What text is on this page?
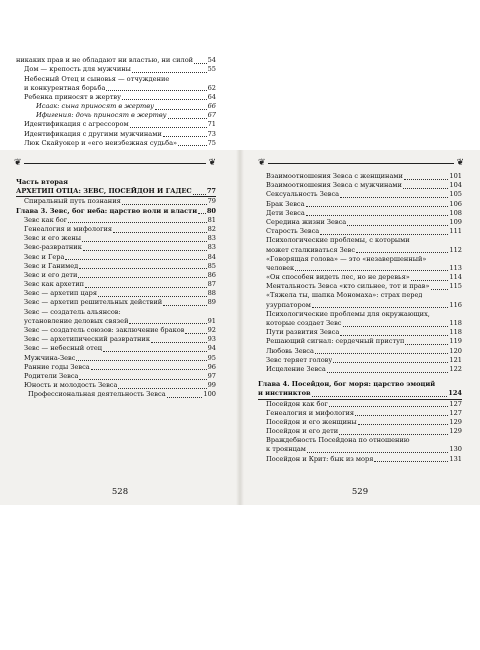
никаких прав и не обладают ни властью, ни силой 54
Дом — крепость для мужчины	55
Небесный Отец и сыновья — отчуждение
и конкурентная борьба	62
Ребенка приносят в жертву	64
Исаак: сына приносят в жертву	66
Ифигения: дочь приносят в жертву	67
Идентификация с агрессором	71
Идентификация с другими мужчинами	73
Люк Скайуокер и «его неизбежная судьба»	75
❦	❦
Часть вторая
АРХЕТИП ОТЦА: ЗЕВС, ПОСЕЙДОН И ГАДЕС 77
Спиральный путь познания	79
Глава 3. Зевс, бог неба: царство воли и власти 80
Зевс как бог	81
Генеалогия и мифология	82
Зевс и его жены	83
Зевс-развратник	83
Зевс и Гера	84
Зевс и Ганимед	85
Зевс и его дети	86
Зевс как архетип	87
Зевс — архетип царя	88
Зевс — архетип решительных действий	89
Зевс — создатель альянсов:
установление деловых связей	91
Зевс — создатель союзов: заключение браков	92
Зевс — архетипический развратник	93
Зевс — небесный отец	94
Мужчина-Зевс	95
Ранние годы Зевса	96
Родители Зевса	97
Юность и молодость Зевса	99
Профессиональная деятельность Зевса	100
528
❦	❦
Взаимоотношения Зевса с женщинами	101
Взаимоотношения Зевса с мужчинами	104
Сексуальность Зевса	105
Брак Зевса	106
Дети Зевса	108
Середина жизни Зевса	109
Старость Зевса	111
Психологические проблемы, с которыми
может сталкиваться Зевс	112
«Говорящая голова» — это «незавершенный»
человек	113
«Он способен видеть лес, но не деревья»	114
Ментальность Зевса «кто сильнее, тот и прав»	115
«Тяжела ты, шапка Мономаха»: страх перед
узурпатором	116
Психологические проблемы для окружающих,
которые создает Зевс	118
Пути развития Зевса	118
Решающий сигнал: сердечный приступ	119
Любовь Зевса	120
Зевс теряет голову	121
Исцеление Зевса	122
Глава 4. Посейдон, бог моря: царство эмоций
и инстинктов	124
Посейдон как бог	127
Генеалогия и мифология	127
Посейдон и его женщины	129
Посейдон и его дети	129
Враждебность Посейдона по отношению
к троянцам	130
Посейдон и Крит: бык из моря	131
529
